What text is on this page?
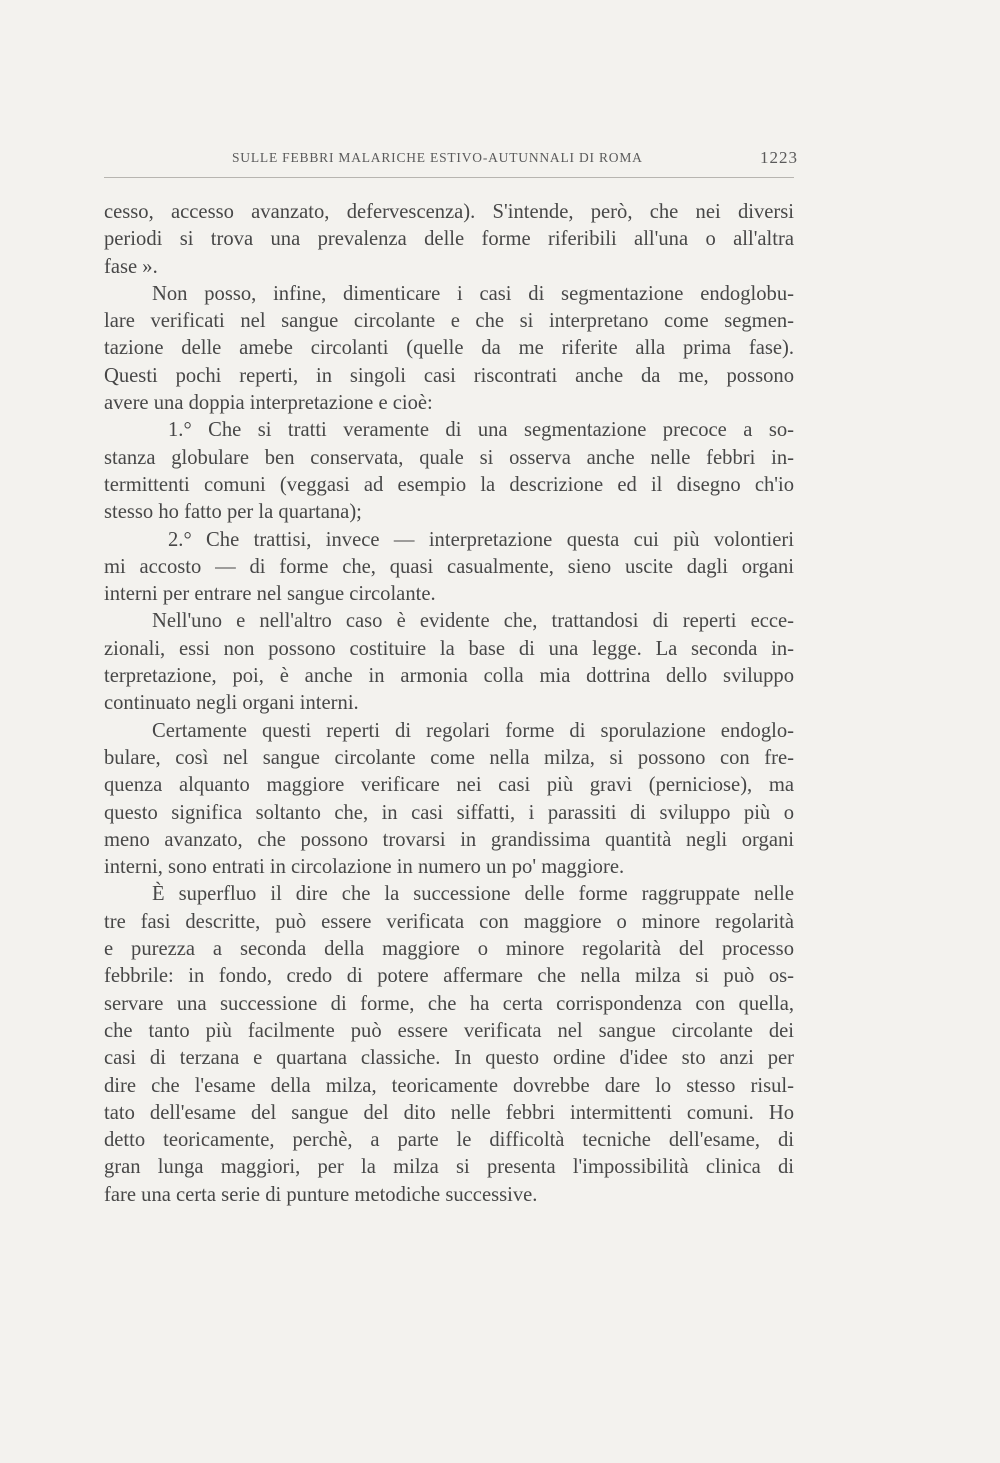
SULLE FEBBRI MALARICHE ESTIVO-AUTUNNALI DI ROMA	1223
cesso, accesso avanzato, defervescenza). S'intende, però, che nei diversi
periodi si trova una prevalenza delle forme riferibili all'una o all'altra
fase ».
Non posso, infine, dimenticare i casi di segmentazione endoglobu-
lare verificati nel sangue circolante e che si interpretano come segmen-
tazione delle amebe circolanti (quelle da me riferite alla prima fase).
Questi pochi reperti, in singoli casi riscontrati anche da me, possono
avere una doppia interpretazione e cioè:
1.° Che si tratti veramente di una segmentazione precoce a so-
stanza globulare ben conservata, quale si osserva anche nelle febbri in-
termittenti comuni (veggasi ad esempio la descrizione ed il disegno ch'io
stesso ho fatto per la quartana);
2.° Che trattisi, invece — interpretazione questa cui più volontieri
mi accosto — di forme che, quasi casualmente, sieno uscite dagli organi
interni per entrare nel sangue circolante.
Nell'uno e nell'altro caso è evidente che, trattandosi di reperti ecce-
zionali, essi non possono costituire la base di una legge. La seconda in-
terpretazione, poi, è anche in armonia colla mia dottrina dello sviluppo
continuato negli organi interni.
Certamente questi reperti di regolari forme di sporulazione endoglo-
bulare, così nel sangue circolante come nella milza, si possono con fre-
quenza alquanto maggiore verificare nei casi più gravi (perniciose), ma
questo significa soltanto che, in casi siffatti, i parassiti di sviluppo più o
meno avanzato, che possono trovarsi in grandissima quantità negli organi
interni, sono entrati in circolazione in numero un po' maggiore.
È superfluo il dire che la successione delle forme raggruppate nelle
tre fasi descritte, può essere verificata con maggiore o minore regolarità
e purezza a seconda della maggiore o minore regolarità del processo
febbrile: in fondo, credo di potere affermare che nella milza si può os-
servare una successione di forme, che ha certa corrispondenza con quella,
che tanto più facilmente può essere verificata nel sangue circolante dei
casi di terzana e quartana classiche. In questo ordine d'idee sto anzi per
dire che l'esame della milza, teoricamente dovrebbe dare lo stesso risul-
tato dell'esame del sangue del dito nelle febbri intermittenti comuni. Ho
detto teoricamente, perchè, a parte le difficoltà tecniche dell'esame, di
gran lunga maggiori, per la milza si presenta l'impossibilità clinica di
fare una certa serie di punture metodiche successive.
